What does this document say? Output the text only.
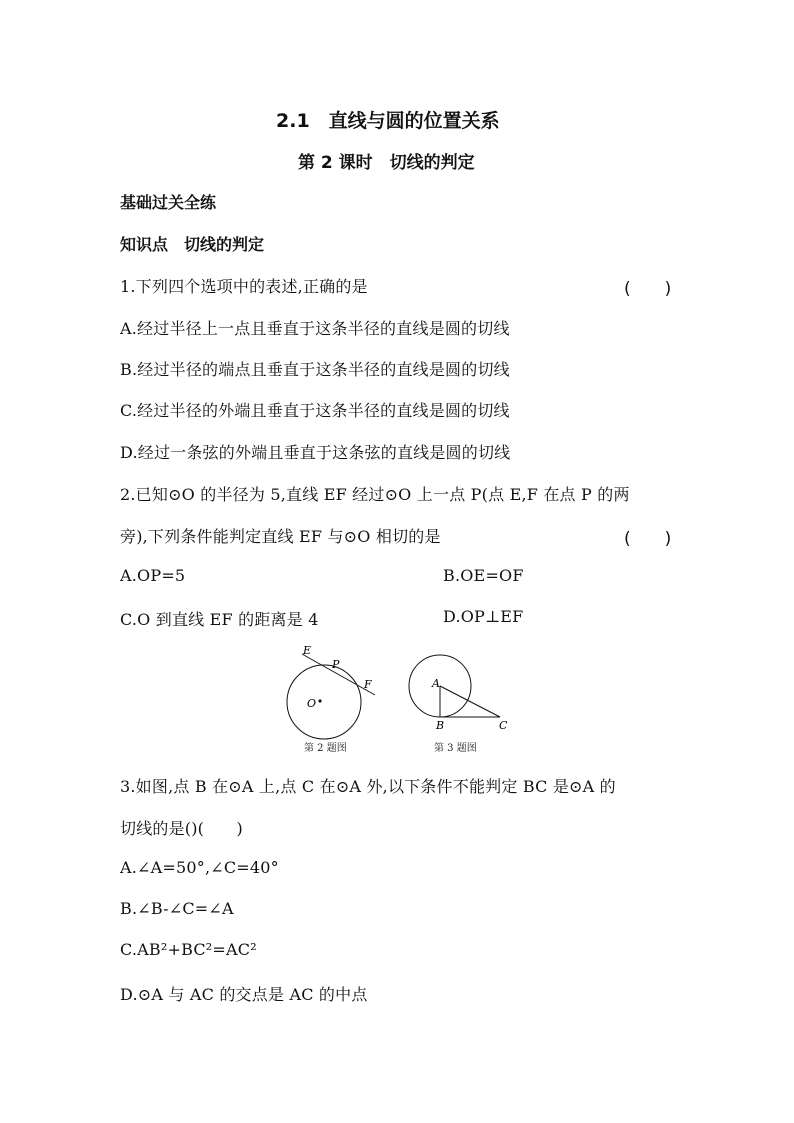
2.1　直线与圆的位置关系
第 2 课时　切线的判定
基础过关全练
知识点　切线的判定
1.下列四个选项中的表述,正确的是	(　　)
A.经过半径上一点且垂直于这条半径的直线是圆的切线
B.经过半径的端点且垂直于这条半径的直线是圆的切线
C.经过半径的外端且垂直于这条半径的直线是圆的切线
D.经过一条弦的外端且垂直于这条弦的直线是圆的切线
2.已知⊙O 的半径为 5,直线 EF 经过⊙O 上一点 P(点 E,F 在点 P 的两
旁),下列条件能判定直线 EF 与⊙O 相切的是	(　　)
A.OP=5	B.OE=OF
C.O 到直线 EF 的距离是 4	D.OP⊥EF
E
P
F
O
A
B	C
第 2 题图	第 3 题图
3.如图,点 B 在⊙A 上,点 C 在⊙A 外,以下条件不能判定 BC 是⊙A 的
切线的是()(　　)
A.∠A=50°,∠C=40°
B.∠B-∠C=∠A
C.AB²+BC²=AC²
D.⊙A 与 AC 的交点是 AC 的中点
